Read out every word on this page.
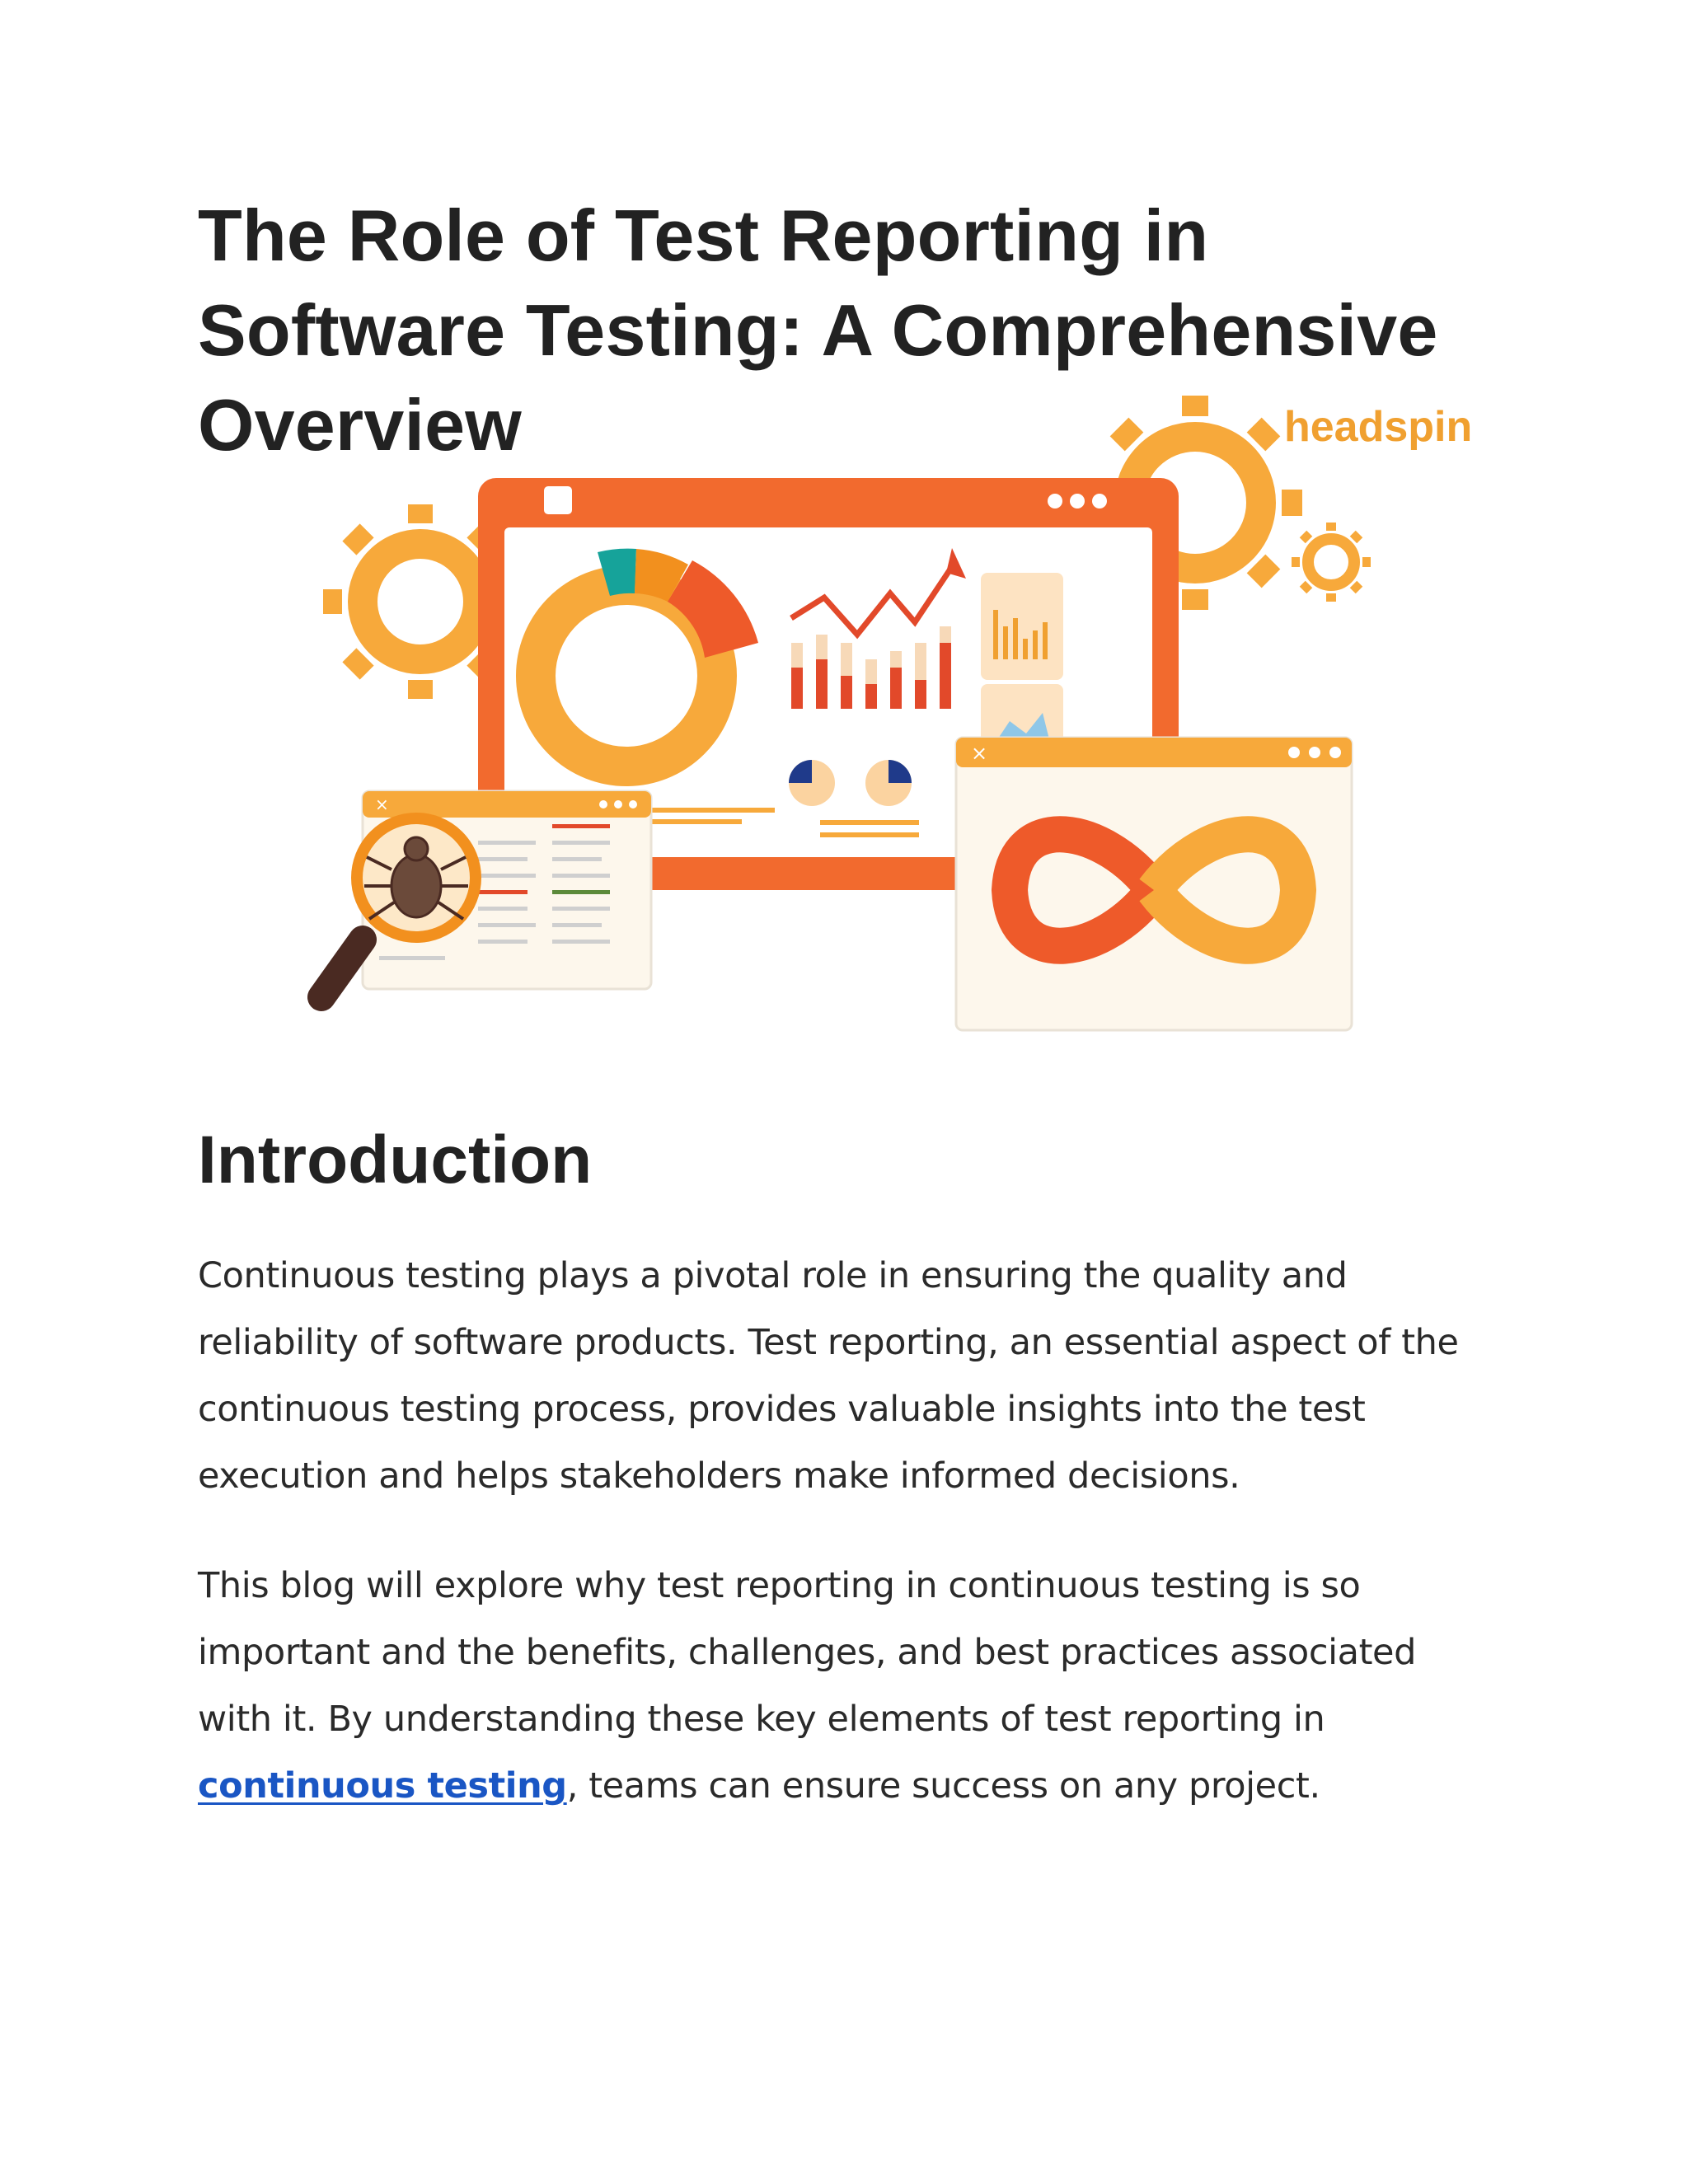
The Role of Test Reporting in Software Testing: A Comprehensive Overview	headspin
×
×
Introduction

Continuous testing plays a pivotal role in ensuring the quality and reliability of software products. Test reporting, an essential aspect of the continuous testing process, provides valuable insights into the test execution and helps stakeholders make informed decisions.

This blog will explore why test reporting in continuous testing is so important and the benefits, challenges, and best practices associated with it. By understanding these key elements of test reporting in continuous testing, teams can ensure success on any project.
